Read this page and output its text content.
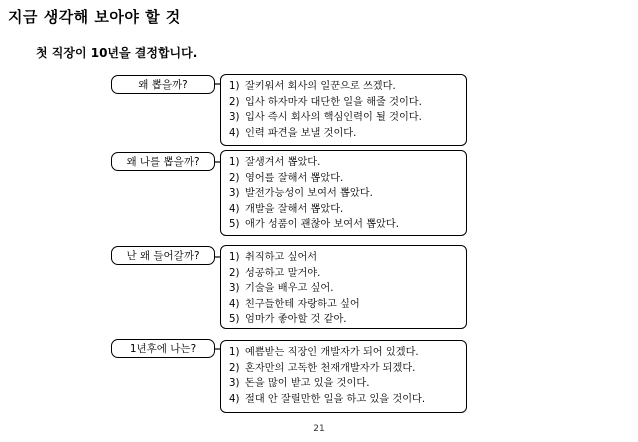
지금 생각해 보아야 할 것
첫 직장이 10년을 결정합니다.
왜 뽑을까?	1) 잘키워서 회사의 일꾼으로 쓰겠다.
2) 입사 하자마자 대단한 일을 해줄 것이다.
3) 입사 즉시 회사의 핵심인력이 될 것이다.
4) 인력 파견을 보낼 것이다.
왜 나를 뽑을까?	1) 잘생겨서 뽑았다.
2) 영어를 잘해서 뽑았다.
3) 발전가능성이 보여서 뽑았다.
4) 개발을 잘해서 뽑았다.
5) 애가 성품이 괜찮아 보여서 뽑았다.
난 왜 들어갈까?	1) 취직하고 싶어서
2) 성공하고 말거야.
3) 기술을 배우고 싶어.
4) 친구들한테 자랑하고 싶어
5) 엄마가 좋아할 것 같아.
1년후에 나는?	1) 예쁨받는 직장인 개발자가 되어 있겠다.
2) 혼자만의 고독한 천재개발자가 되겠다.
3) 돈을 많이 받고 있을 것이다.
4) 절대 안 잘릴만한 일을 하고 있을 것이다.
21
